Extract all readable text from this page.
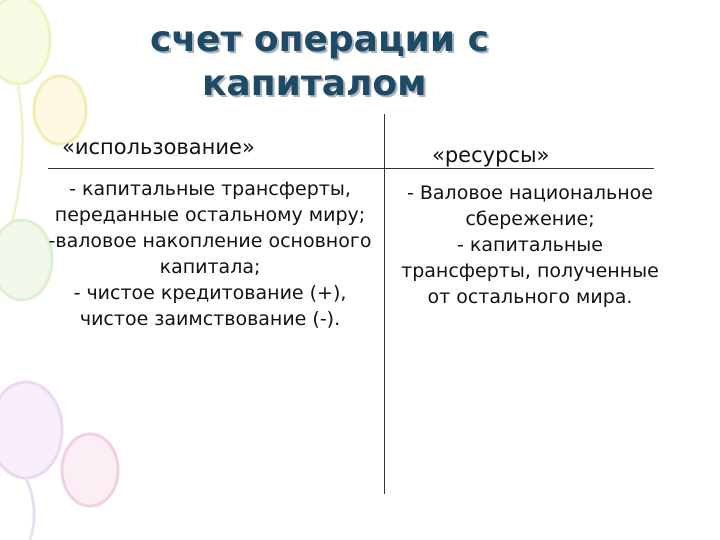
счет операции с
капиталом
«использование»	«ресурсы»
- капитальные трансферты, переданные остальному миру;
-валовое накопление основного капитала;
- чистое кредитование (+), чистое заимствование (-).
- Валовое национальное сбережение;
- капитальные трансферты, полученные от остального мира.
